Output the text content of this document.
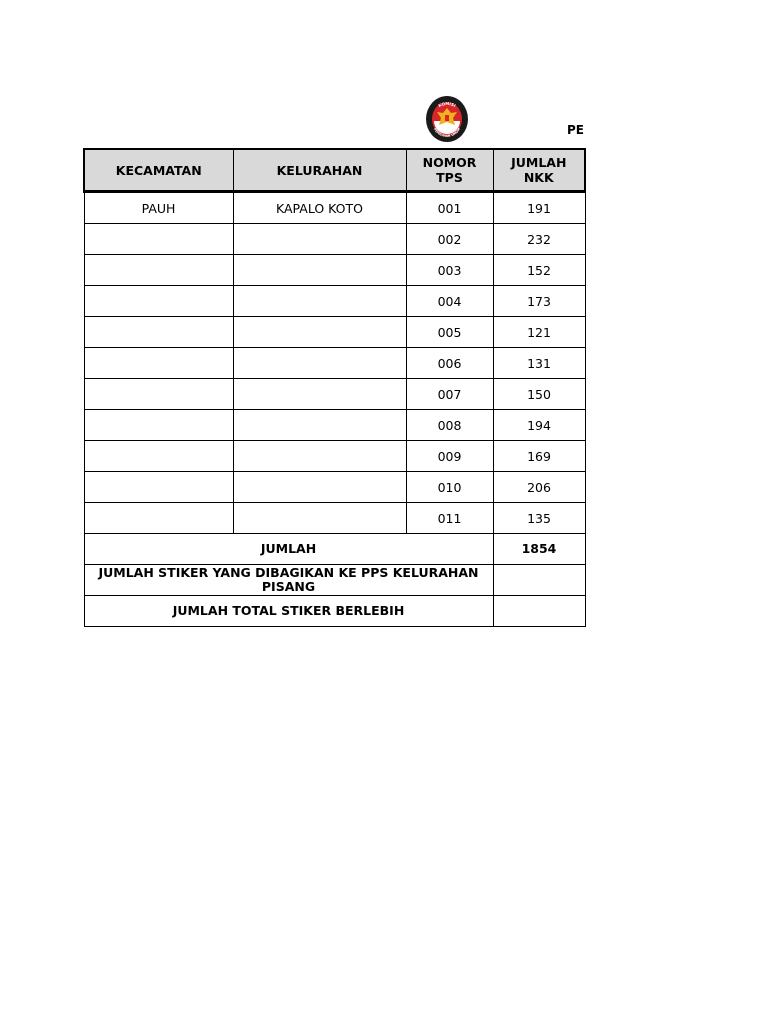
KOMISI
PEMILIHAN UMUM	PE
KECAMATAN	KELURAHAN	NOMOR TPS	JUMLAH NKK
PAUH	KAPALO KOTO	001	191
		002	232
		003	152
		004	173
		005	121
		006	131
		007	150
		008	194
		009	169
		010	206
		011	135
JUMLAH			1854
JUMLAH STIKER YANG DIBAGIKAN KE PPS KELURAHAN PISANG			
JUMLAH TOTAL STIKER BERLEBIH			
